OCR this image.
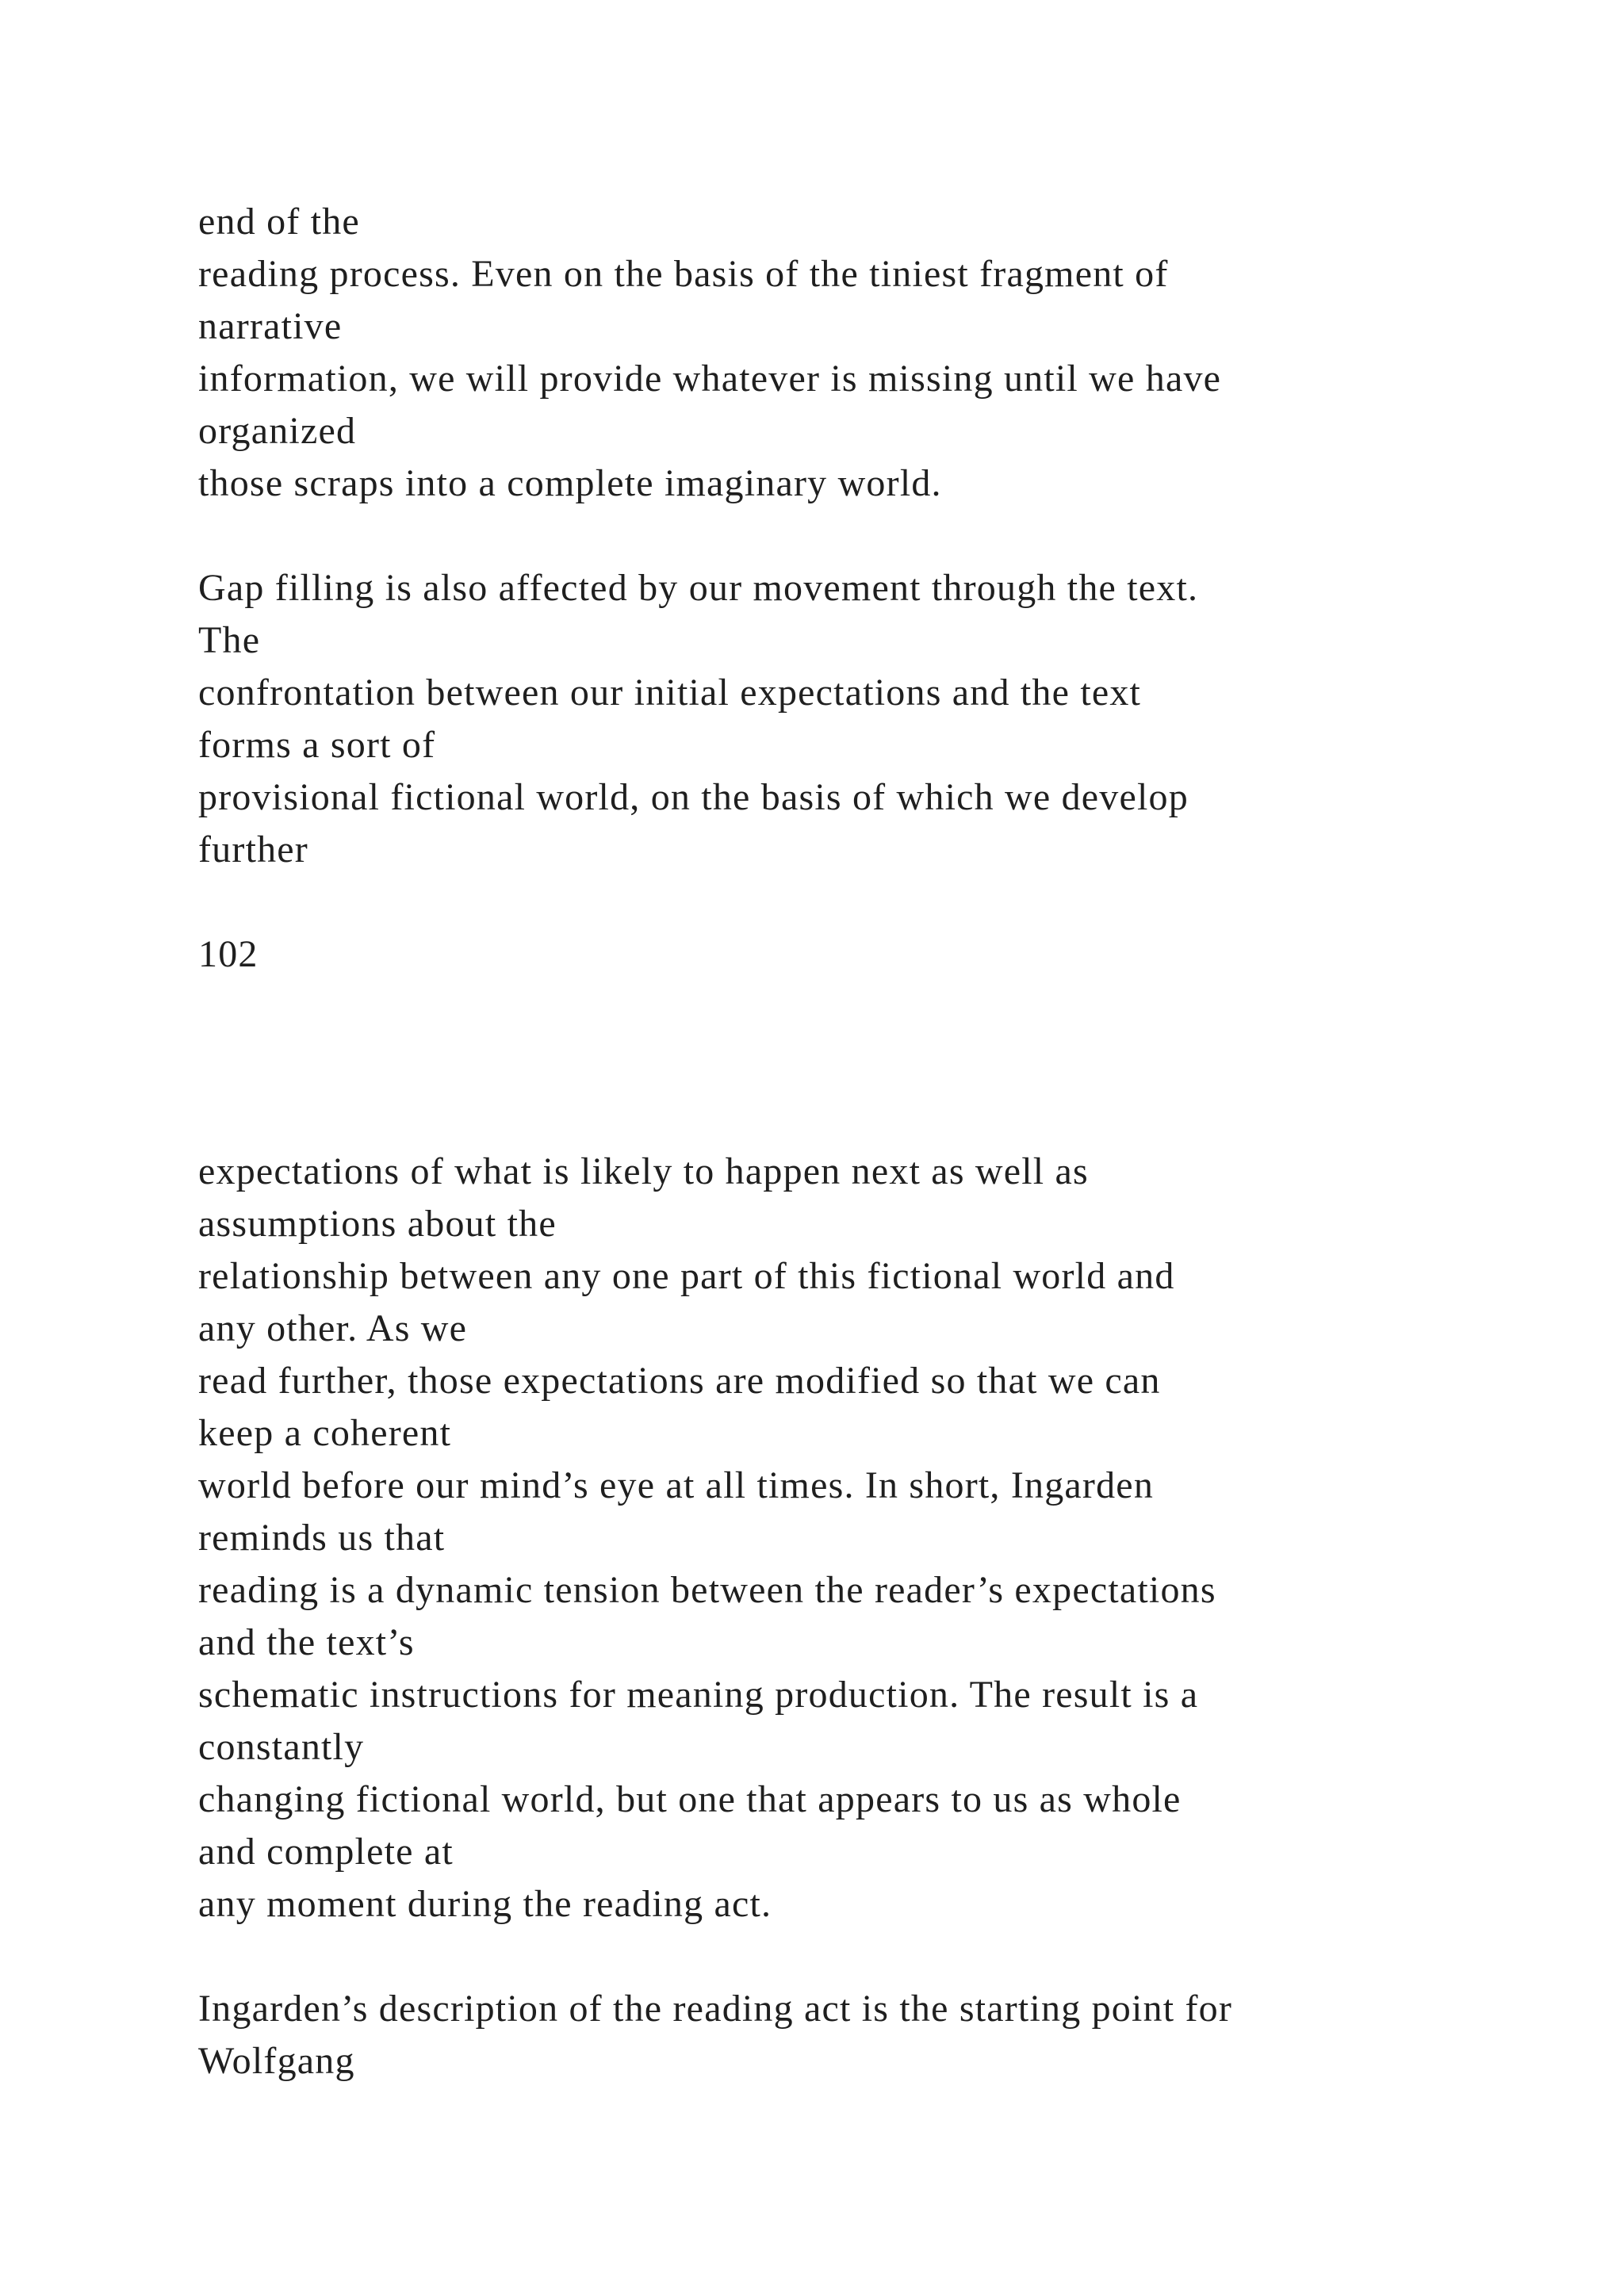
end of the
reading process. Even on the basis of the tiniest fragment of
narrative
information, we will provide whatever is missing until we have
organized
those scraps into a complete imaginary world.

Gap filling is also affected by our movement through the text.
The
confrontation between our initial expectations and the text
forms a sort of
provisional fictional world, on the basis of which we develop
further

102

expectations of what is likely to happen next as well as
assumptions about the
relationship between any one part of this fictional world and
any other. As we
read further, those expectations are modified so that we can
keep a coherent
world before our mind’s eye at all times. In short, Ingarden
reminds us that
reading is a dynamic tension between the reader’s expectations
and the text’s
schematic instructions for meaning production. The result is a
constantly
changing fictional world, but one that appears to us as whole
and complete at
any moment during the reading act.

Ingarden’s description of the reading act is the starting point for
Wolfgang
